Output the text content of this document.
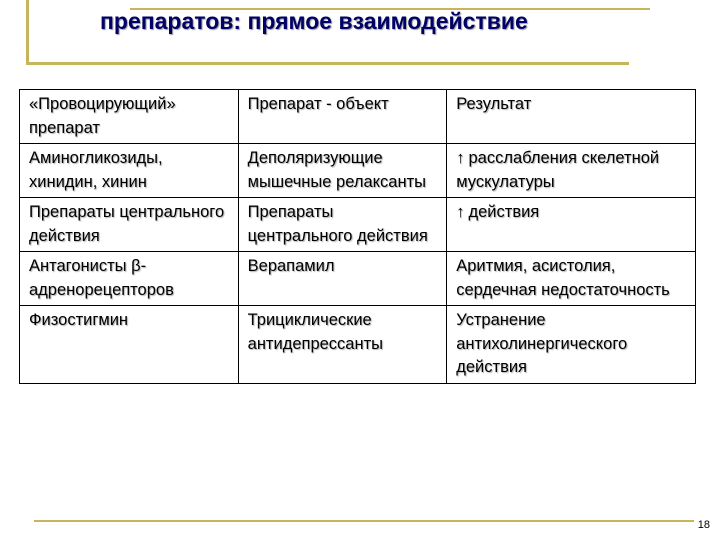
препаратов: прямое взаимодействие
«Провоцирующий» препарат	Препарат - объект	Результат
Аминогликозиды, хинидин, хинин	Деполяризующие мышечные релаксанты	↑ расслабления скелетной мускулатуры
Препараты центрального действия	Препараты центрального действия	↑ действия
Антагонисты β-адренорецепторов	Верапамил	Аритмия, асистолия, сердечная недостаточность
Физостигмин	Трициклические антидепрессанты	Устранение антихолинергического действия
18
